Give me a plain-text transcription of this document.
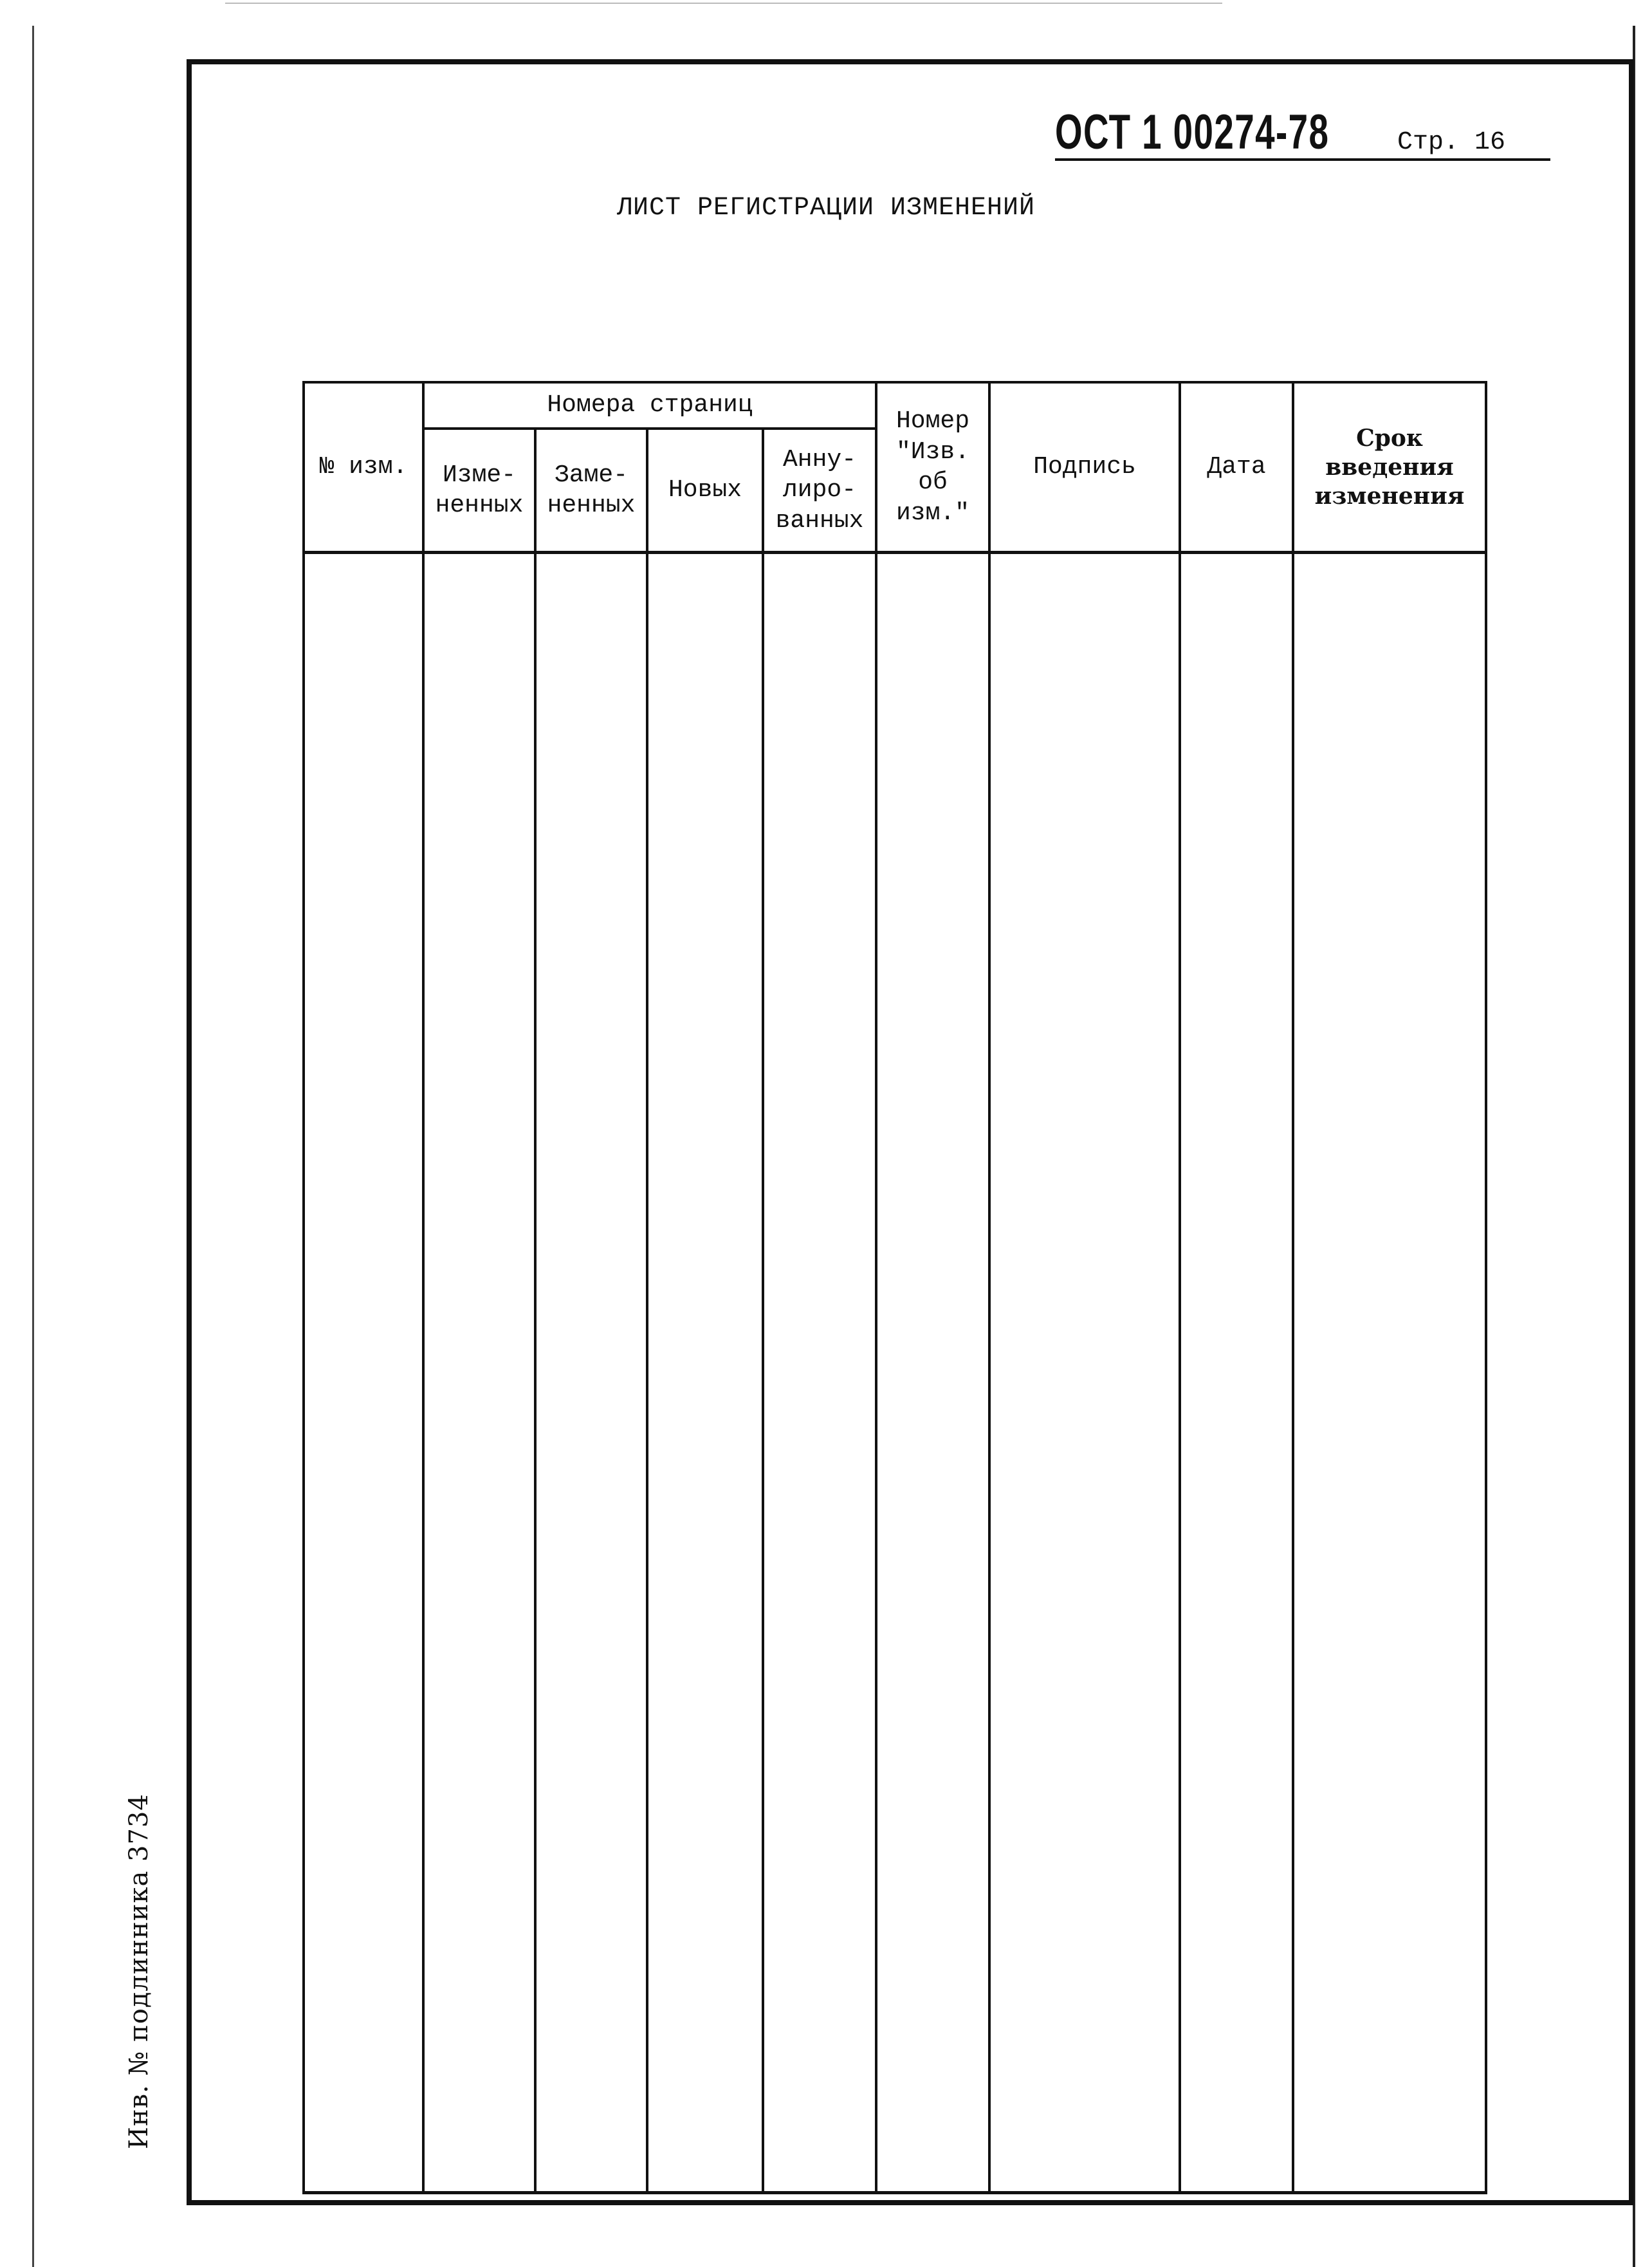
ОСТ 1 00274-78	Стр. 16
ЛИСТ РЕГИСТРАЦИИ ИЗМЕНЕНИЙ
№ изм.	Номера страниц				Номер "Изв. об изм."	Подпись	Дата	Срок введения изменения
	Изме- ненных	Заме- ненных	Новых	Анну- лиро- ванных				

Инв. № подлинника 3734
